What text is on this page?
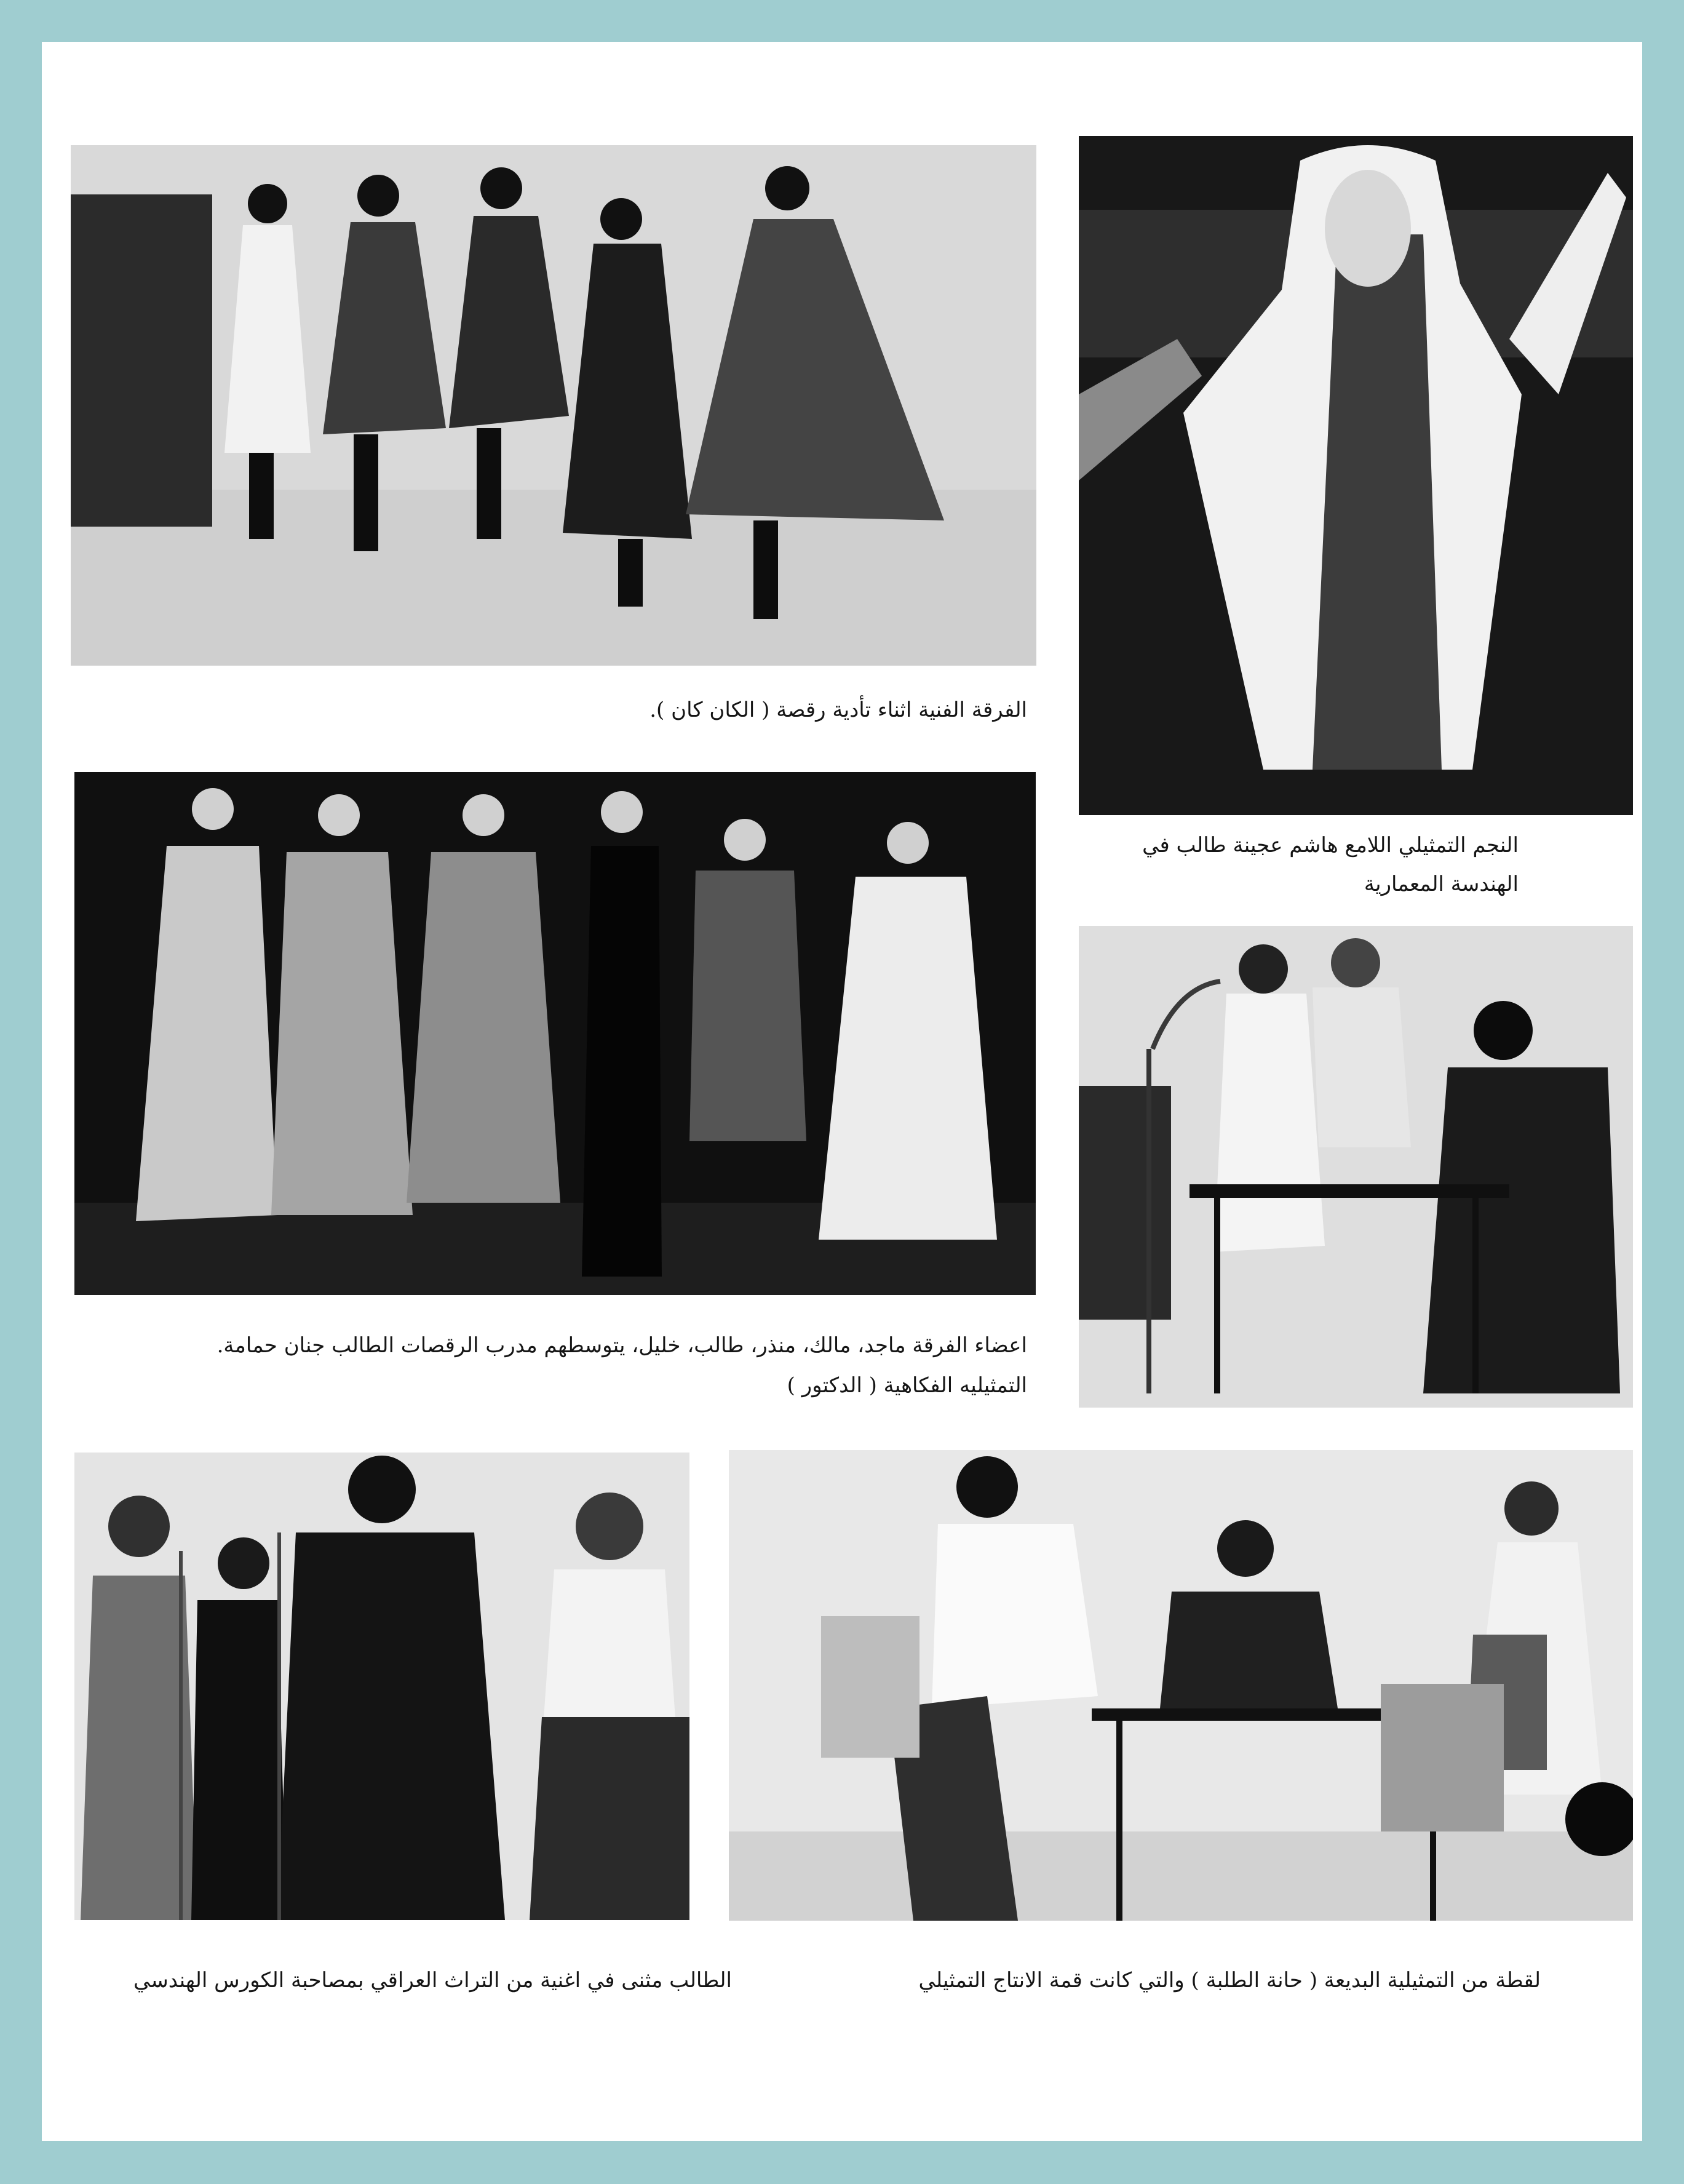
الفرقة الفنية اثناء تأدية رقصة ( الكان كان ).
النجم التمثيلي اللامع هاشم عجينة طالب في
الهندسة المعمارية
اعضاء الفرقة ماجد، مالك، منذر، طالب، خليل، يتوسطهم مدرب الرقصات الطالب جنان حمامة.
التمثيليه الفكاهية ( الدكتور )
الطالب مثنى في اغنية من التراث العراقي بمصاحبة الكورس الهندسي	لقطة من التمثيلية البديعة ( حانة الطلبة ) والتي كانت قمة الانتاج التمثيلي
